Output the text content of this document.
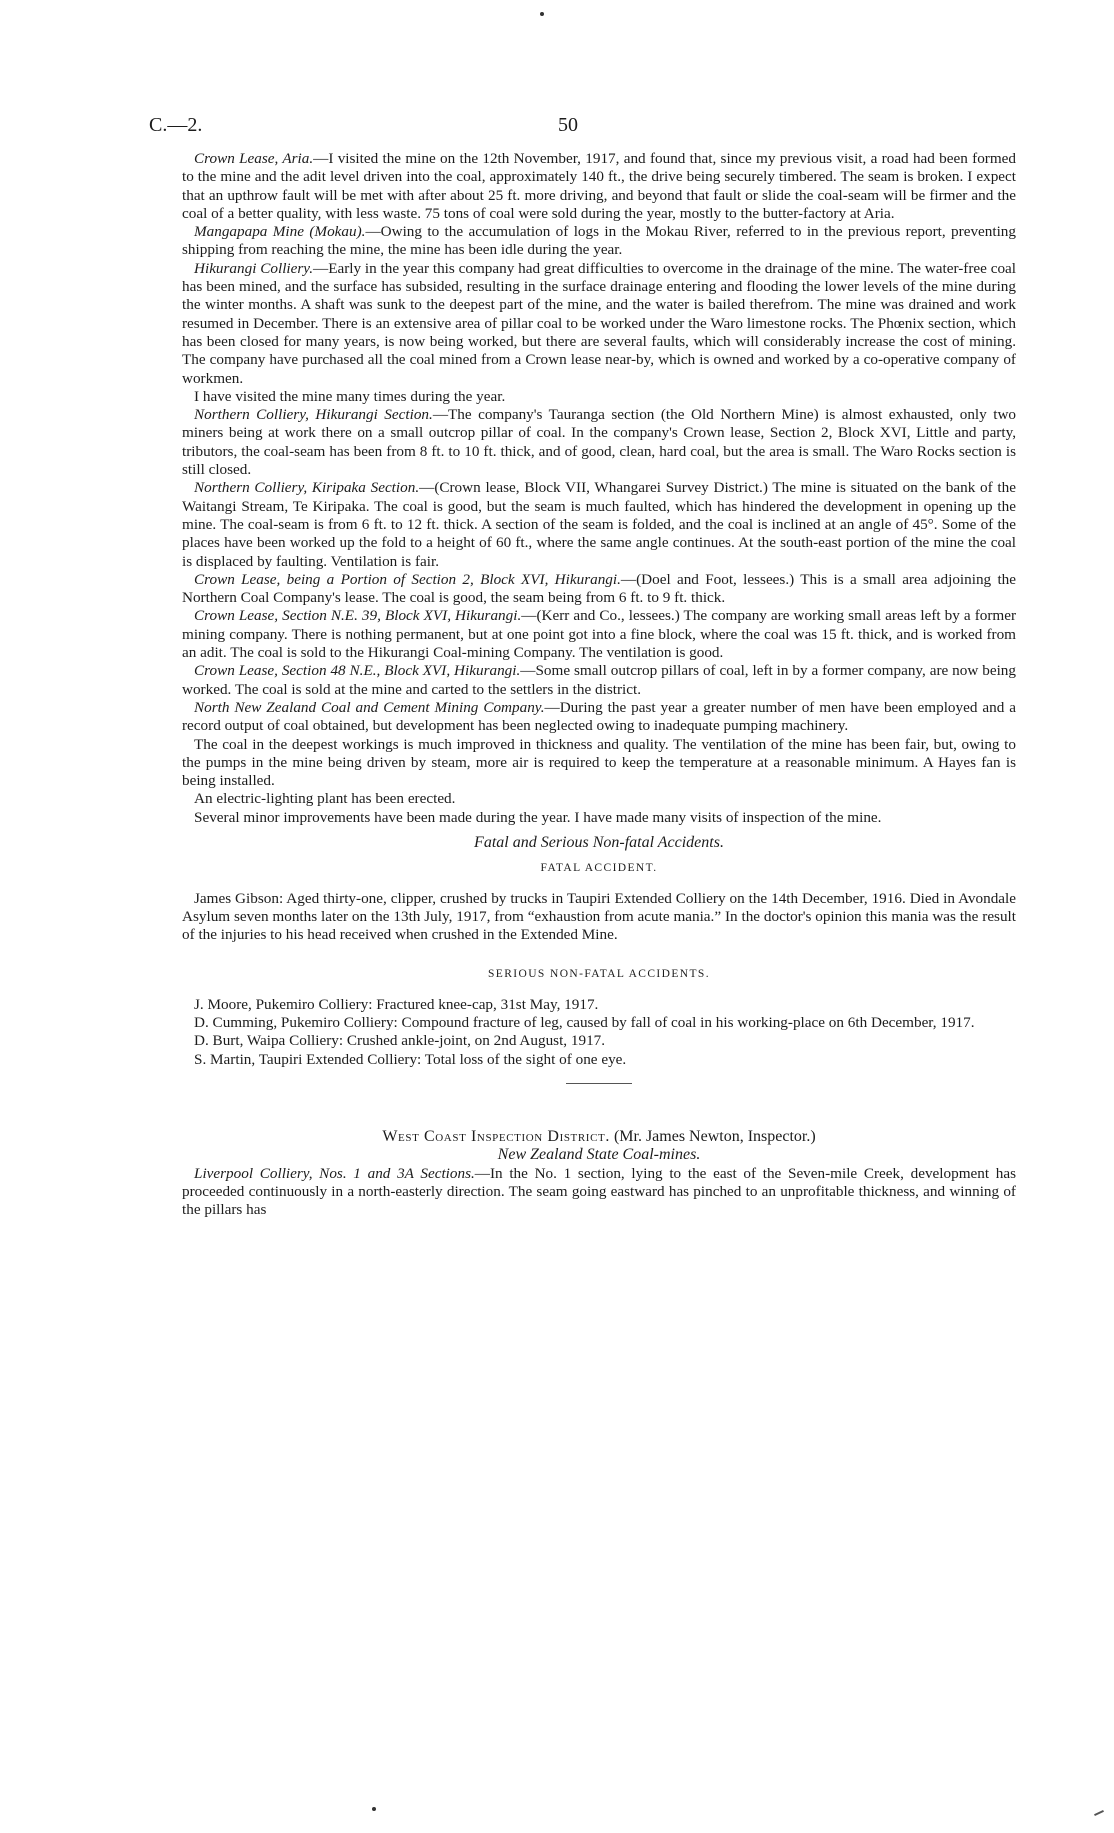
C.—2.	50

Crown Lease, Aria.—I visited the mine on the 12th November, 1917, and found that, since my previous visit, a road had been formed to the mine and the adit level driven into the coal, approximately 140 ft., the drive being securely timbered. The seam is broken. I expect that an upthrow fault will be met with after about 25 ft. more driving, and beyond that fault or slide the coal-seam will be firmer and the coal of a better quality, with less waste. 75 tons of coal were sold during the year, mostly to the butter-factory at Aria.

Mangapapa Mine (Mokau).—Owing to the accumulation of logs in the Mokau River, referred to in the previous report, preventing shipping from reaching the mine, the mine has been idle during the year.

Hikurangi Colliery.—Early in the year this company had great difficulties to overcome in the drainage of the mine. The water-free coal has been mined, and the surface has subsided, resulting in the surface drainage entering and flooding the lower levels of the mine during the winter months. A shaft was sunk to the deepest part of the mine, and the water is bailed therefrom. The mine was drained and work resumed in December. There is an extensive area of pillar coal to be worked under the Waro limestone rocks. The Phœnix section, which has been closed for many years, is now being worked, but there are several faults, which will considerably increase the cost of mining. The company have purchased all the coal mined from a Crown lease near-by, which is owned and worked by a co-operative company of workmen.

I have visited the mine many times during the year.

Northern Colliery, Hikurangi Section.—The company's Tauranga section (the Old Northern Mine) is almost exhausted, only two miners being at work there on a small outcrop pillar of coal. In the company's Crown lease, Section 2, Block XVI, Little and party, tributors, the coal-seam has been from 8 ft. to 10 ft. thick, and of good, clean, hard coal, but the area is small. The Waro Rocks section is still closed.

Northern Colliery, Kiripaka Section.—(Crown lease, Block VII, Whangarei Survey District.) The mine is situated on the bank of the Waitangi Stream, Te Kiripaka. The coal is good, but the seam is much faulted, which has hindered the development in opening up the mine. The coal-seam is from 6 ft. to 12 ft. thick. A section of the seam is folded, and the coal is inclined at an angle of 45°. Some of the places have been worked up the fold to a height of 60 ft., where the same angle continues. At the south-east portion of the mine the coal is displaced by faulting. Ventilation is fair.

Crown Lease, being a Portion of Section 2, Block XVI, Hikurangi.—(Doel and Foot, lessees.) This is a small area adjoining the Northern Coal Company's lease. The coal is good, the seam being from 6 ft. to 9 ft. thick.

Crown Lease, Section N.E. 39, Block XVI, Hikurangi.—(Kerr and Co., lessees.) The company are working small areas left by a former mining company. There is nothing permanent, but at one point got into a fine block, where the coal was 15 ft. thick, and is worked from an adit. The coal is sold to the Hikurangi Coal-mining Company. The ventilation is good.

Crown Lease, Section 48 N.E., Block XVI, Hikurangi.—Some small outcrop pillars of coal, left in by a former company, are now being worked. The coal is sold at the mine and carted to the settlers in the district.

North New Zealand Coal and Cement Mining Company.—During the past year a greater number of men have been employed and a record output of coal obtained, but development has been neglected owing to inadequate pumping machinery.

The coal in the deepest workings is much improved in thickness and quality. The ventilation of the mine has been fair, but, owing to the pumps in the mine being driven by steam, more air is required to keep the temperature at a reasonable minimum. A Hayes fan is being installed.

An electric-lighting plant has been erected.

Several minor improvements have been made during the year. I have made many visits of inspection of the mine.

Fatal and Serious Non-fatal Accidents.

FATAL ACCIDENT.

James Gibson: Aged thirty-one, clipper, crushed by trucks in Taupiri Extended Colliery on the 14th December, 1916. Died in Avondale Asylum seven months later on the 13th July, 1917, from “exhaustion from acute mania.” In the doctor's opinion this mania was the result of the injuries to his head received when crushed in the Extended Mine.

SERIOUS NON-FATAL ACCIDENTS.

J. Moore, Pukemiro Colliery: Fractured knee-cap, 31st May, 1917.

D. Cumming, Pukemiro Colliery: Compound fracture of leg, caused by fall of coal in his working-place on 6th December, 1917.

D. Burt, Waipa Colliery: Crushed ankle-joint, on 2nd August, 1917.

S. Martin, Taupiri Extended Colliery: Total loss of the sight of one eye.

West Coast Inspection District. (Mr. James Newton, Inspector.)

New Zealand State Coal-mines.

Liverpool Colliery, Nos. 1 and 3A Sections.—In the No. 1 section, lying to the east of the Seven-mile Creek, development has proceeded continuously in a north-easterly direction. The seam going eastward has pinched to an unprofitable thickness, and winning of the pillars has
